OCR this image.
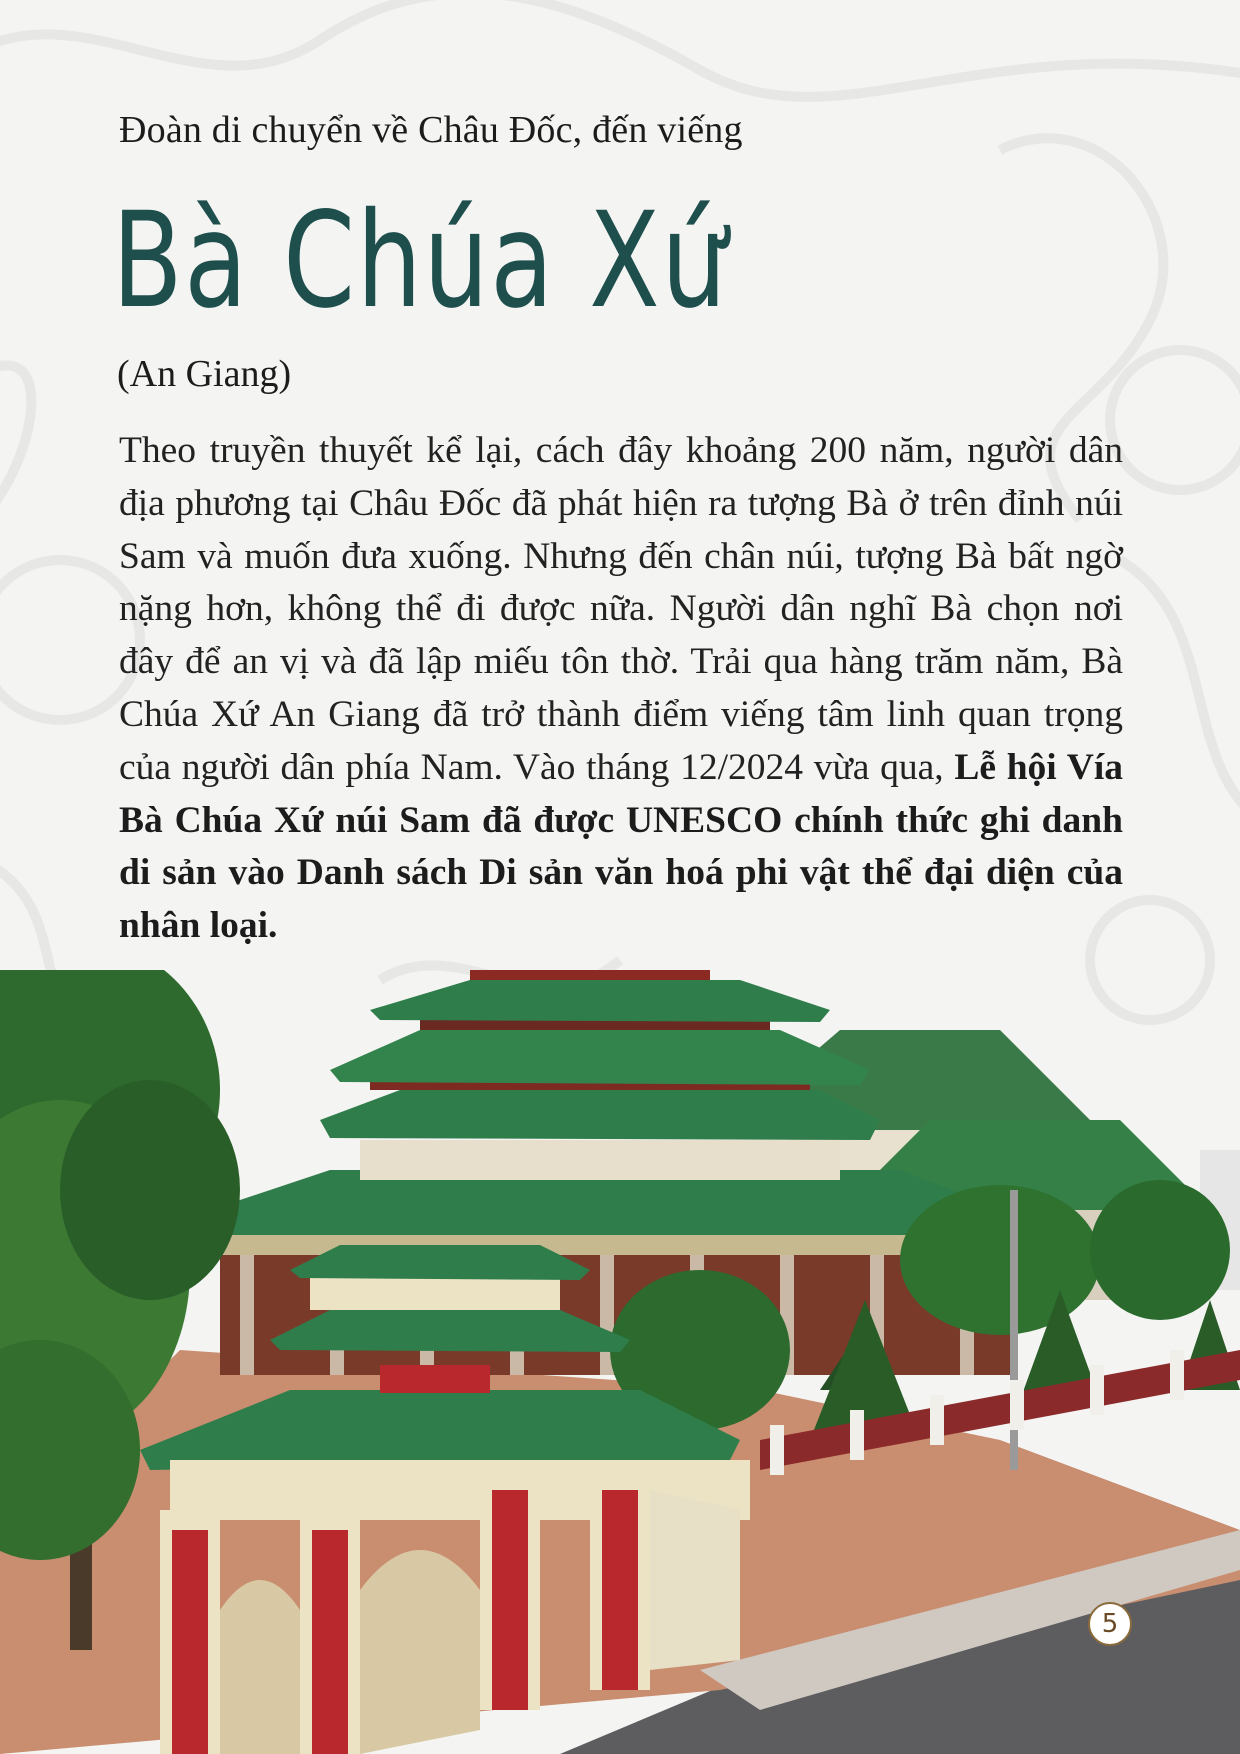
Đoàn di chuyển về Châu Đốc, đến viếng
Bà Chúa Xứ
(An Giang)

Theo truyền thuyết kể lại, cách đây khoảng 200 năm, người dân địa phương tại Châu Đốc đã phát hiện ra tượng Bà ở trên đỉnh núi Sam và muốn đưa xuống. Nhưng đến chân núi, tượng Bà bất ngờ nặng hơn, không thể đi được nữa. Người dân nghĩ Bà chọn nơi đây để an vị và đã lập miếu tôn thờ. Trải qua hàng trăm năm, Bà Chúa Xứ An Giang đã trở thành điểm viếng tâm linh quan trọng của người dân phía Nam. Vào tháng 12/2024 vừa qua, Lễ hội Vía Bà Chúa Xứ núi Sam đã được UNESCO chính thức ghi danh di sản vào Danh sách Di sản văn hoá phi vật thể đại diện của nhân loại.

5
